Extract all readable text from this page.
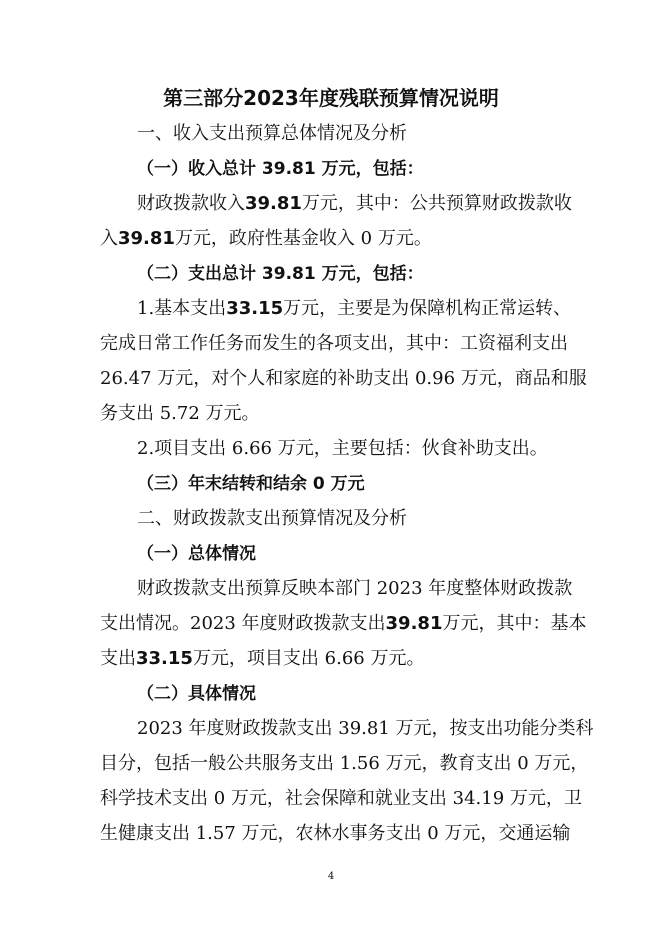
第三部分2023年度残联预算情况说明
一、收入支出预算总体情况及分析
（一）收入总计 39.81 万元，包括：
财政拨款收入39.81万元，其中：公共预算财政拨款收
入39.81万元，政府性基金收入 0 万元。
（二）支出总计 39.81 万元，包括：
1.基本支出33.15万元，主要是为保障机构正常运转、
完成日常工作任务而发生的各项支出，其中：工资福利支出
26.47 万元，对个人和家庭的补助支出 0.96 万元，商品和服
务支出 5.72 万元。
2.项目支出 6.66 万元，主要包括：伙食补助支出。
（三）年末结转和结余 0 万元
二、财政拨款支出预算情况及分析
（一）总体情况
财政拨款支出预算反映本部门 2023 年度整体财政拨款
支出情况。2023 年度财政拨款支出39.81万元，其中：基本
支出33.15万元，项目支出 6.66 万元。
（二）具体情况
2023 年度财政拨款支出 39.81 万元，按支出功能分类科
目分，包括一般公共服务支出 1.56 万元，教育支出 0 万元，
科学技术支出 0 万元，社会保障和就业支出 34.19 万元，卫
生健康支出 1.57 万元，农林水事务支出 0 万元，交通运输
4
